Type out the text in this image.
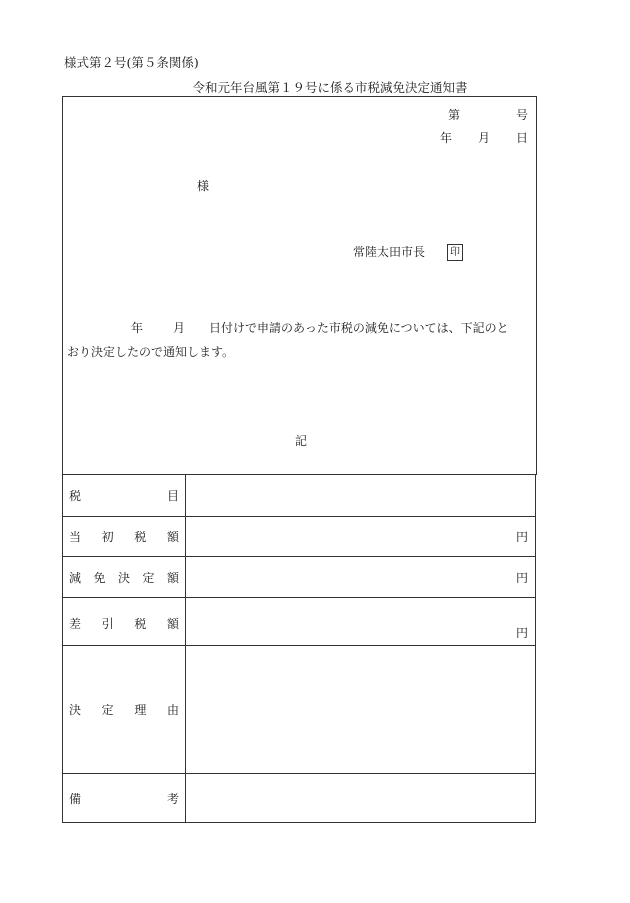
様式第２号(第５条関係)
令和元年台風第１９号に係る市税減免決定通知書
第	号
年 月 日
様
常陸太田市長	印
年	月 日付けで申請のあった市税の減免については、下記のと
おり決定したので通知します。
記
税 目	

当 初 税 額	円

減 免 決 定 額	円

差 引 税 額	円

決 定 理 由	

備 考	
